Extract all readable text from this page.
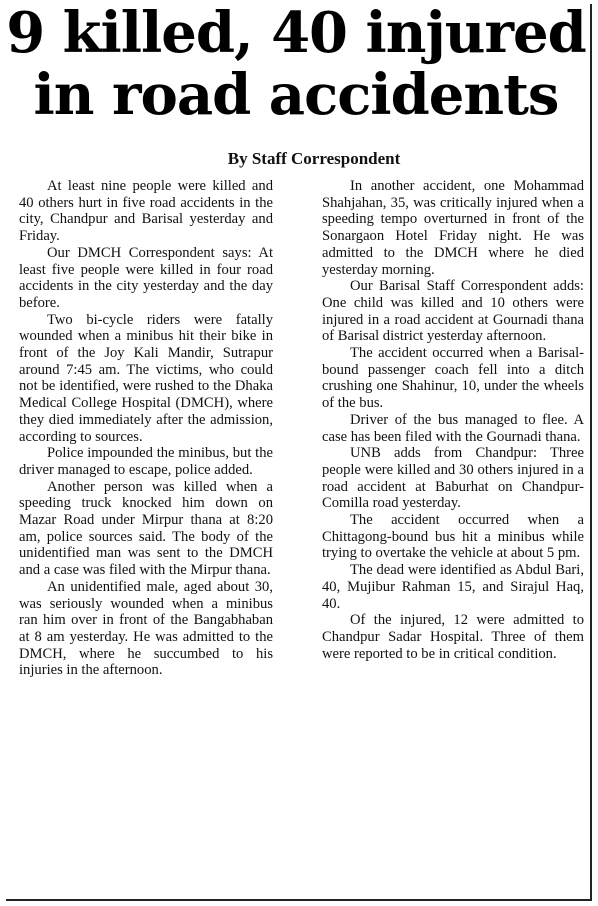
9 killed, 40 injured
in road accidents
By Staff Correspondent

At least nine people were killed and 40 others hurt in five road accidents in the city, Chandpur and Barisal yesterday and Friday.

Our DMCH Correspondent says: At least five people were killed in four road accidents in the city yesterday and the day before.

Two bi-cycle riders were fatally wounded when a minibus hit their bike in front of the Joy Kali Mandir, Sutrapur around 7:45 am. The victims, who could not be identified, were rushed to the Dhaka Medical College Hospital (DMCH), where they died immediately after the admission, according to sources.

Police impounded the minibus, but the driver managed to escape, police added.

Another person was killed when a speeding truck knocked him down on Mazar Road under Mirpur thana at 8:20 am, police sources said. The body of the unidentified man was sent to the DMCH and a case was filed with the Mirpur thana.

An unidentified male, aged about 30, was seriously wounded when a minibus ran him over in front of the Bangabhaban at 8 am yesterday. He was admitted to the DMCH, where he succumbed to his injuries in the afternoon.

In another accident, one Mohammad Shahjahan, 35, was critically injured when a speeding tempo overturned in front of the Sonargaon Hotel Friday night. He was admitted to the DMCH where he died yesterday morning.

Our Barisal Staff Correspondent adds: One child was killed and 10 others were injured in a road accident at Gournadi thana of Barisal district yesterday afternoon.

The accident occurred when a Barisal-bound passenger coach fell into a ditch crushing one Shahinur, 10, under the wheels of the bus.

Driver of the bus managed to flee. A case has been filed with the Gournadi thana.

UNB adds from Chandpur: Three people were killed and 30 others injured in a road accident at Baburhat on Chandpur-Comilla road yesterday.

The accident occurred when a Chittagong-bound bus hit a minibus while trying to overtake the vehicle at about 5 pm.

The dead were identified as Abdul Bari, 40, Mujibur Rahman 15, and Sirajul Haq, 40.

Of the injured, 12 were admitted to Chandpur Sadar Hospital. Three of them were reported to be in critical condition.
